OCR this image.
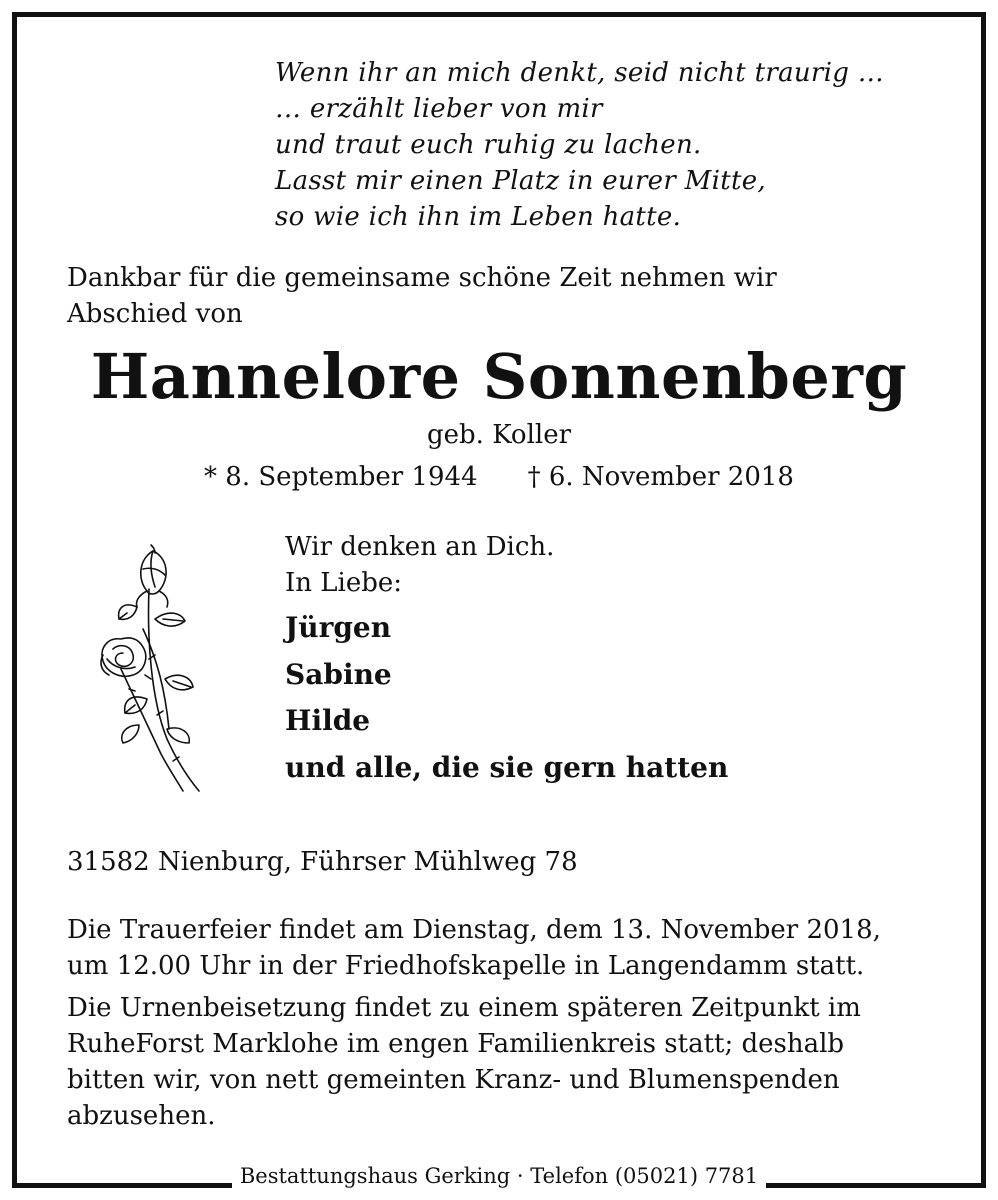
Wenn ihr an mich denkt, seid nicht traurig …
… erzählt lieber von mir
und traut euch ruhig zu lachen.
Lasst mir einen Platz in eurer Mitte,
so wie ich ihn im Leben hatte.
Dankbar für die gemeinsame schöne Zeit nehmen wir
Abschied von
Hannelore Sonnenberg
geb. Koller
* 8. September 1944 † 6. November 2018
Wir denken an Dich.
In Liebe:
Jürgen
Sabine
Hilde
und alle, die sie gern hatten
31582 Nienburg, Führser Mühlweg 78
Die Trauerfeier findet am Dienstag, dem 13. November 2018,
um 12.00 Uhr in der Friedhofskapelle in Langendamm statt.
Die Urnenbeisetzung findet zu einem späteren Zeitpunkt im
RuheForst Marklohe im engen Familienkreis statt; deshalb
bitten wir, von nett gemeinten Kranz- und Blumenspenden
abzusehen.
Bestattungshaus Gerking · Telefon (05021) 7781
